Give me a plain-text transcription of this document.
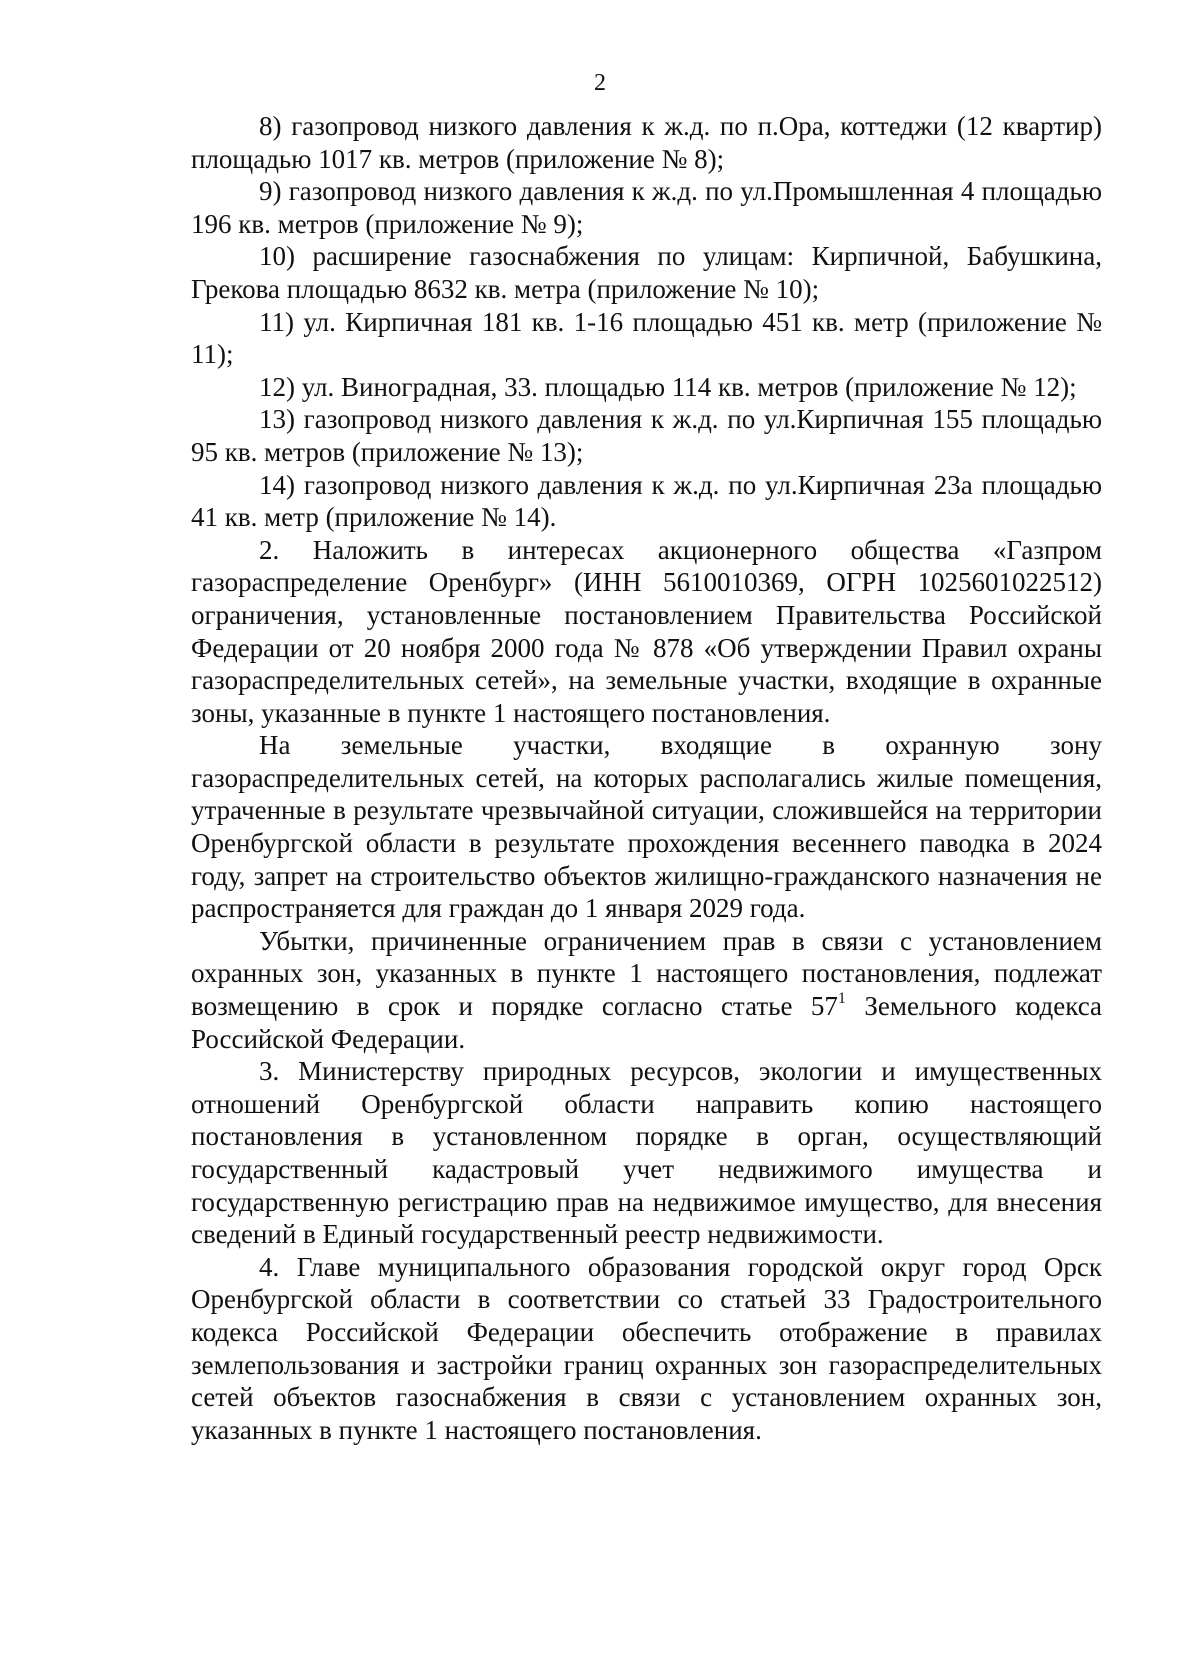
2

8) газопровод низкого давления к ж.д. по п.Ора, коттеджи (12 квартир) площадью 1017 кв. метров (приложение № 8);

9) газопровод низкого давления к ж.д. по ул.Промышленная 4 площадью 196 кв. метров (приложение № 9);

10) расширение газоснабжения по улицам: Кирпичной, Бабушкина, Грекова площадью 8632 кв. метра (приложение № 10);

11) ул. Кирпичная 181 кв. 1-16 площадью 451 кв. метр (приложение № 11);

12) ул. Виноградная, 33. площадью 114 кв. метров (приложение № 12);

13) газопровод низкого давления к ж.д. по ул.Кирпичная 155 площадью 95 кв. метров (приложение № 13);

14) газопровод низкого давления к ж.д. по ул.Кирпичная 23а площадью 41 кв. метр (приложение № 14).

2. Наложить в интересах акционерного общества «Газпром газораспределение Оренбург» (ИНН 5610010369, ОГРН 1025601022512) ограничения, установленные постановлением Правительства Российской Федерации от 20 ноября 2000 года № 878 «Об утверждении Правил охраны газораспределительных сетей», на земельные участки, входящие в охранные зоны, указанные в пункте 1 настоящего постановления.

На земельные участки, входящие в охранную зону газораспределительных сетей, на которых располагались жилые помещения, утраченные в результате чрезвычайной ситуации, сложившейся на территории Оренбургской области в результате прохождения весеннего паводка в 2024 году, запрет на строительство объектов жилищно-гражданского назначения не распространяется для граждан до 1 января 2029 года.

Убытки, причиненные ограничением прав в связи с установлением охранных зон, указанных в пункте 1 настоящего постановления, подлежат возмещению в срок и порядке согласно статье $57^1$ Земельного кодекса Российской Федерации.

3. Министерству природных ресурсов, экологии и имущественных отношений Оренбургской области направить копию настоящего постановления в установленном порядке в орган, осуществляющий государственный кадастровый учет недвижимого имущества и государственную регистрацию прав на недвижимое имущество, для внесения сведений в Единый государственный реестр недвижимости.

4. Главе муниципального образования городской округ город Орск Оренбургской области в соответствии со статьей 33 Градостроительного кодекса Российской Федерации обеспечить отображение в правилах землепользования и застройки границ охранных зон газораспределительных сетей объектов газоснабжения в связи с установлением охранных зон, указанных в пункте 1 настоящего постановления.
